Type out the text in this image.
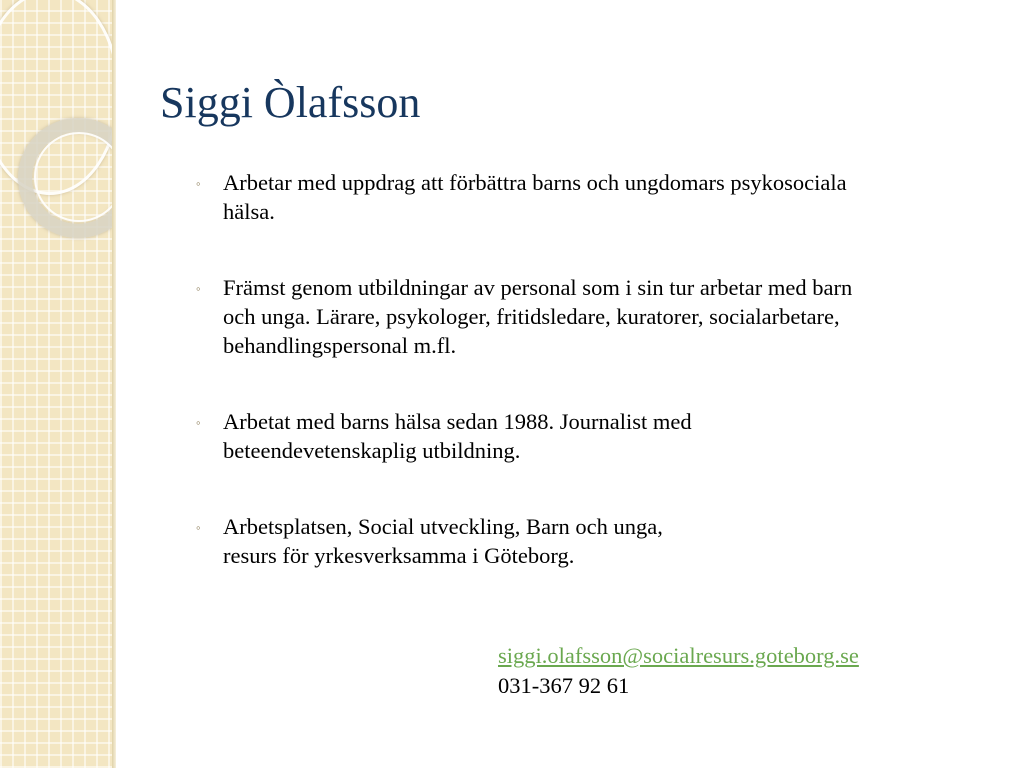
Siggi Òlafsson
◦ Arbetar med uppdrag att förbättra barns och ungdomars psykosociala
hälsa.
◦ Främst genom utbildningar av personal som i sin tur arbetar med barn
och unga. Lärare, psykologer, fritidsledare, kuratorer, socialarbetare,
behandlingspersonal m.fl.
◦ Arbetat med barns hälsa sedan 1988. Journalist med
beteendevetenskaplig utbildning.
◦ Arbetsplatsen, Social utveckling, Barn och unga,
resurs för yrkesverksamma i Göteborg.
siggi.olafsson@socialresurs.goteborg.se
031-367 92 61
